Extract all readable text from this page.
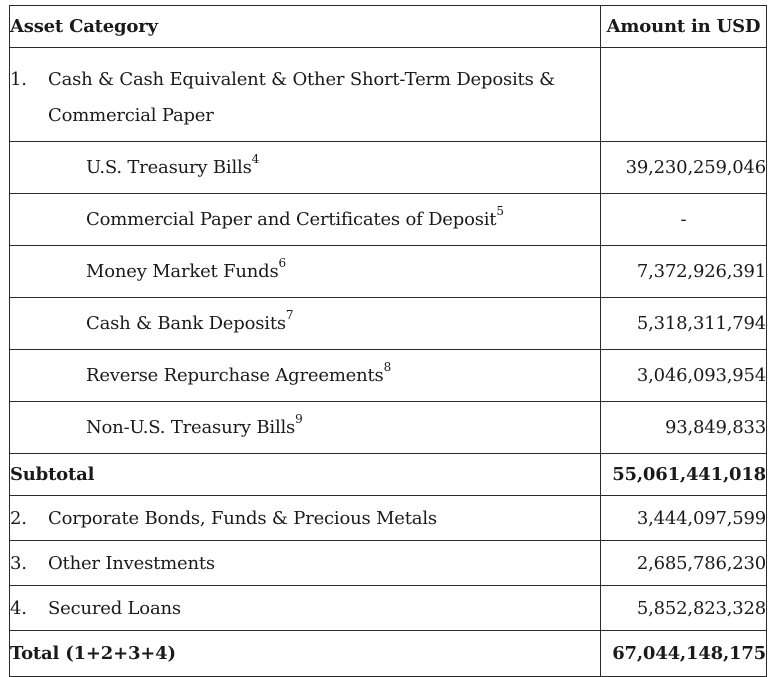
Asset Category	Amount in USD

1. Cash & Cash Equivalent & Other Short-Term Deposits &
Commercial Paper	

U.S. Treasury Bills$^4$	39,230,259,046
Commercial Paper and Certificates of Deposit$^5$	-
Money Market Funds$^6$	7,372,926,391
Cash & Bank Deposits$^7$	5,318,311,794
Reverse Repurchase Agreements$^8$	3,046,093,954
Non-U.S. Treasury Bills$^9$	93,849,833
Subtotal	55,061,441,018
2. Corporate Bonds, Funds & Precious Metals	3,444,097,599
3. Other Investments	2,685,786,230
4. Secured Loans	5,852,823,328
Total (1+2+3+4)	67,044,148,175
